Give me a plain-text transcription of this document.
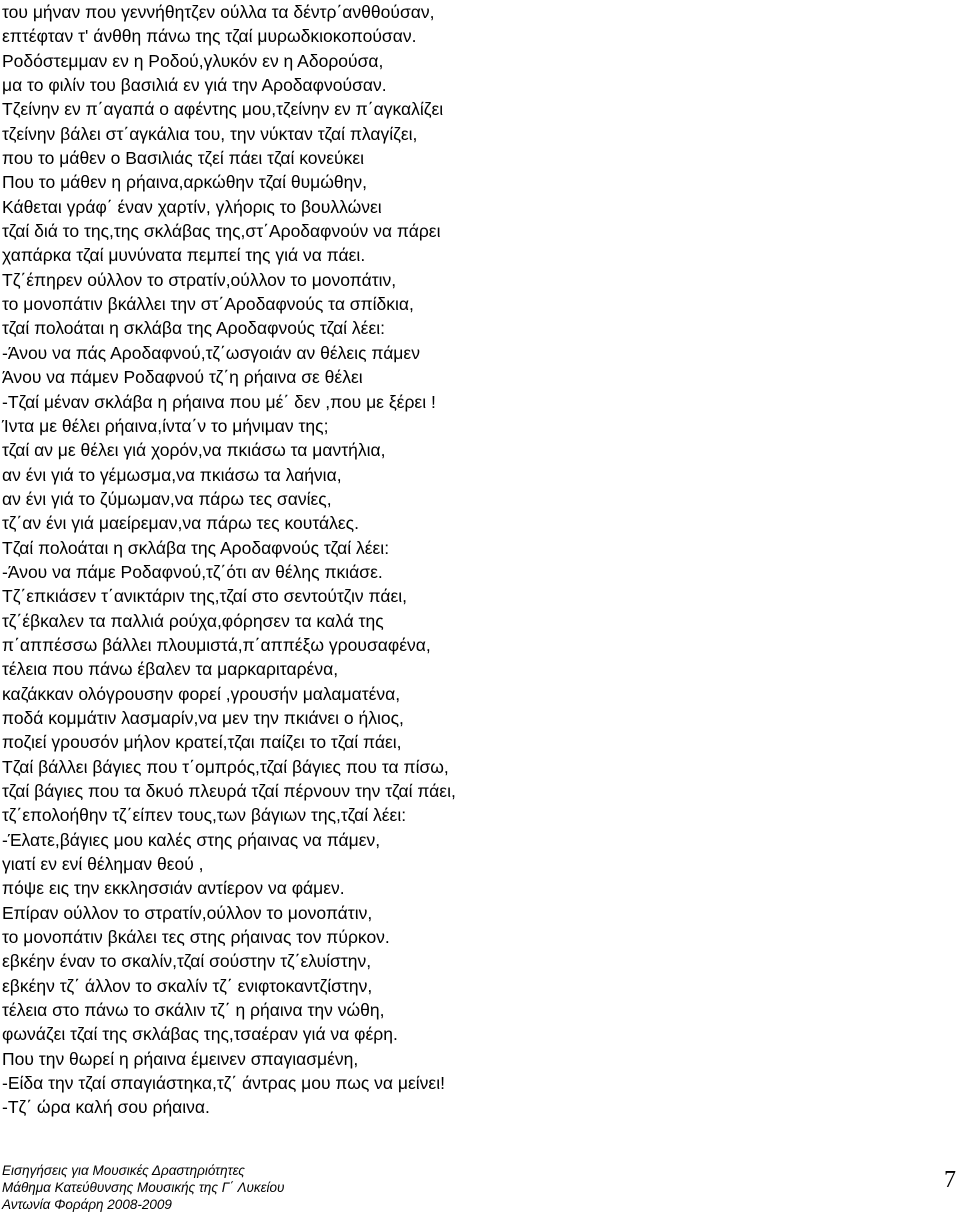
του μήναν που γεννήθητζεν ούλλα τα δέντρ΄ανθθούσαν,
επτέφταν τ' άνθθη πάνω της τζαί μυρωδκιοκοπούσαν.
Ροδόστεμμαν εν η Ροδού,γλυκόν εν η Αδορούσα,
μα το φιλίν του βασιλιά εν γιά την Αροδαφνούσαν.
Τζείνην εν π΄αγαπά ο αφέντης μου,τζείνην εν π΄αγκαλίζει
τζείνην βάλει στ΄αγκάλια του, την νύκταν τζαί πλαγίζει,
που το μάθεν ο Βασιλιάς τζεί πάει τζαί κονεύκει
Που το μάθεν η ρήαινα,αρκώθην τζαί θυμώθην,
Κάθεται γράφ΄ έναν χαρτίν, γλήορις το βουλλώνει
τζαί διά το της,της σκλάβας της,στ΄Αροδαφνούν να πάρει
χαπάρκα τζαί μυνύνατα πεμπεί της γιά να πάει.
Τζ΄έπηρεν ούλλον το στρατίν,ούλλον το μονοπάτιν,
το μονοπάτιν βκάλλει την στ΄Αροδαφνούς τα σπίδκια,
τζαί πολοάται η σκλάβα της Αροδαφνούς τζαί λέει:
-Άνου να πάς Αροδαφνού,τζ΄ωσγοιάν αν θέλεις πάμεν
Άνου να πάμεν Ροδαφνού τζ΄η ρήαινα σε θέλει
-Τζαί μέναν σκλάβα η ρήαινα που μέ΄ δεν ,που με ξέρει !
Ίντα με θέλει ρήαινα,ίντα΄ν το μήνιμαν της;
τζαί αν με θέλει γιά χορόν,να πκιάσω τα μαντήλια,
αν ένι γιά το γέμωσμα,να πκιάσω τα λαήνια,
αν ένι γιά το ζύμωμαν,να πάρω τες σανίες,
τζ΄αν ένι γιά μαείρεμαν,να πάρω τες κουτάλες.
Τζαί πολοάται η σκλάβα της Αροδαφνούς τζαί λέει:
-Άνου να πάμε Ροδαφνού,τζ΄ότι αν θέλης πκιάσε.
Τζ΄επκιάσεν τ΄ανικτάριν της,τζαί στο σεντούτζιν πάει,
τζ΄έβκαλεν τα παλλιά ρούχα,φόρησεν τα καλά της
π΄αππέσσω βάλλει πλουμιστά,π΄αππέξω γρουσαφένα,
τέλεια που πάνω έβαλεν τα μαρκαριταρένα,
καζάκκαν ολόγρουσην φορεί ,γρουσήν μαλαματένα,
ποδά κομμάτιν λασμαρίν,να μεν την πκιάνει ο ήλιος,
ποζιεί γρουσόν μήλον κρατεί,τζαι παίζει το τζαί πάει,
Τζαί βάλλει βάγιες που τ΄ομπρός,τζαί βάγιες που τα πίσω,
τζαί βάγιες που τα δκυό πλευρά τζαί πέρνουν την τζαί πάει,
τζ΄επολοήθην τζ΄είπεν τους,των βάγιων της,τζαί λέει:
-Έλατε,βάγιες μου καλές στης ρήαινας να πάμεν,
γιατί εν ενί θέλημαν θεού ,
πόψε εις την εκκλησσιάν αντίερον να φάμεν.
Επίραν ούλλον το στρατίν,ούλλον το μονοπάτιν,
το μονοπάτιν βκάλει τες στης ρήαινας τον πύρκον.
εβκέην έναν το σκαλίν,τζαί σούστην τζ΄ελυίστην,
εβκέην τζ΄ άλλον το σκαλίν τζ΄ ενιφτοκαντζίστην,
τέλεια στο πάνω το σκάλιν τζ΄ η ρήαινα την νώθη,
φωνάζει τζαί της σκλάβας της,τσαέραν γιά να φέρη.
Που την θωρεί η ρήαινα έμεινεν σπαγιασμένη,
-Είδα την τζαί σπαγιάστηκα,τζ΄ άντρας μου πως να μείνει!
-Τζ΄ ώρα καλή σου ρήαινα.
Εισηγήσεις για Μουσικές Δραστηριότητες
Μάθημα Κατεύθυνσης Μουσικής της Γ΄ Λυκείου
Αντωνία Φοράρη 2008-2009
7
